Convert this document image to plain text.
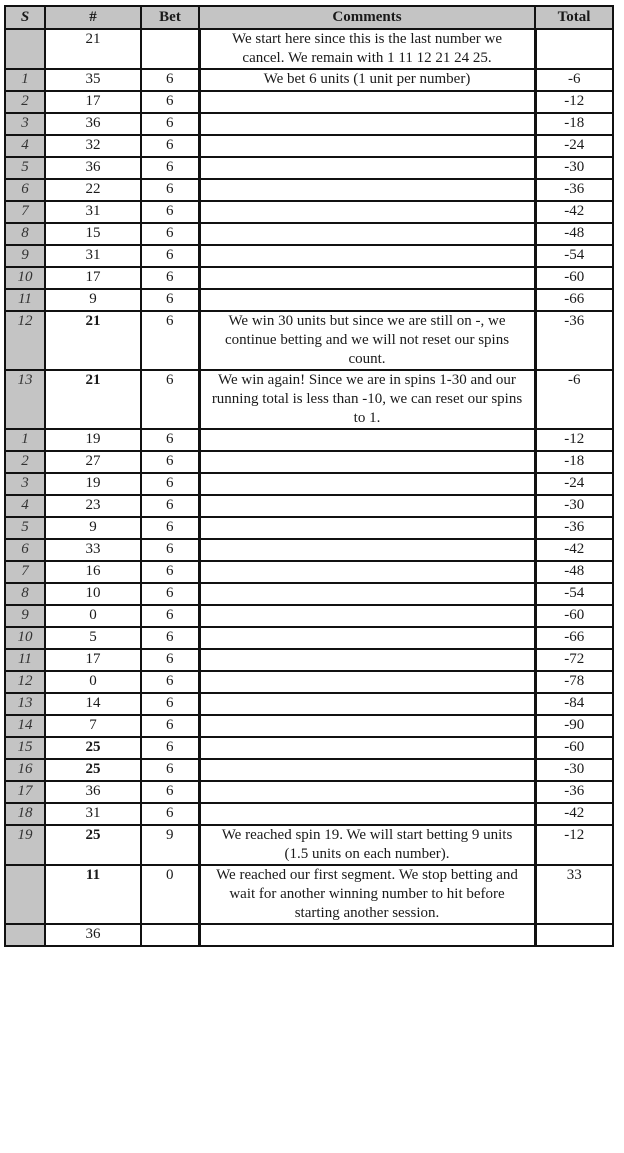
S	#	Bet	Comments	Total
	21		We start here since this is the last number we cancel. We remain with 1 11 12 21 24 25.	
1	35	6	We bet 6 units (1 unit per number)	-6
2	17	6		-12
3	36	6		-18
4	32	6		-24
5	36	6		-30
6	22	6		-36
7	31	6		-42
8	15	6		-48
9	31	6		-54
10	17	6		-60
11	9	6		-66
12	21	6	We win 30 units but since we are still on -, we continue betting and we will not reset our spins count.	-36
13	21	6	We win again! Since we are in spins 1-30 and our running total is less than -10, we can reset our spins to 1.	-6
1	19	6		-12
2	27	6		-18
3	19	6		-24
4	23	6		-30
5	9	6		-36
6	33	6		-42
7	16	6		-48
8	10	6		-54
9	0	6		-60
10	5	6		-66
11	17	6		-72
12	0	6		-78
13	14	6		-84
14	7	6		-90
15	25	6		-60
16	25	6		-30
17	36	6		-36
18	31	6		-42
19	25	9	We reached spin 19. We will start betting 9 units (1.5 units on each number).	-12
	11	0	We reached our first segment. We stop betting and wait for another winning number to hit before starting another session.	33
	36			
